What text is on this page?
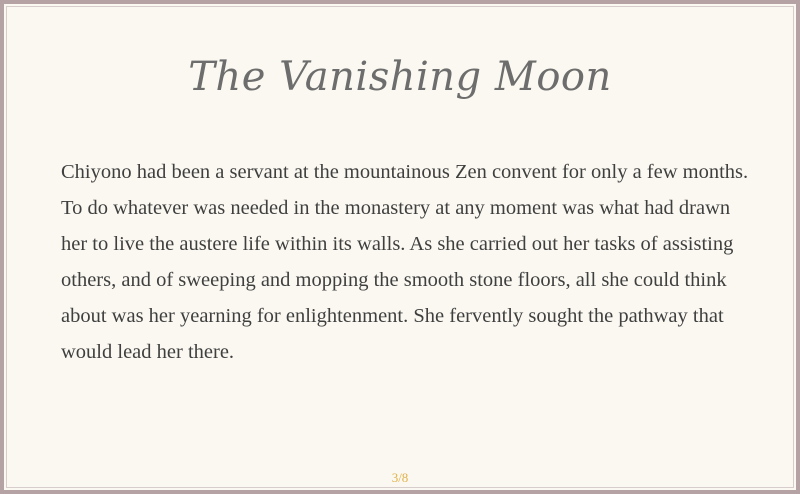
The Vanishing Moon

Chiyono had been a servant at the mountainous Zen convent for only a few months. To do whatever was needed in the monastery at any moment was what had drawn her to live the austere life within its walls. As she carried out her tasks of assisting others, and of sweeping and mopping the smooth stone floors, all she could think about was her yearning for enlightenment. She fervently sought the pathway that would lead her there.

3/8
